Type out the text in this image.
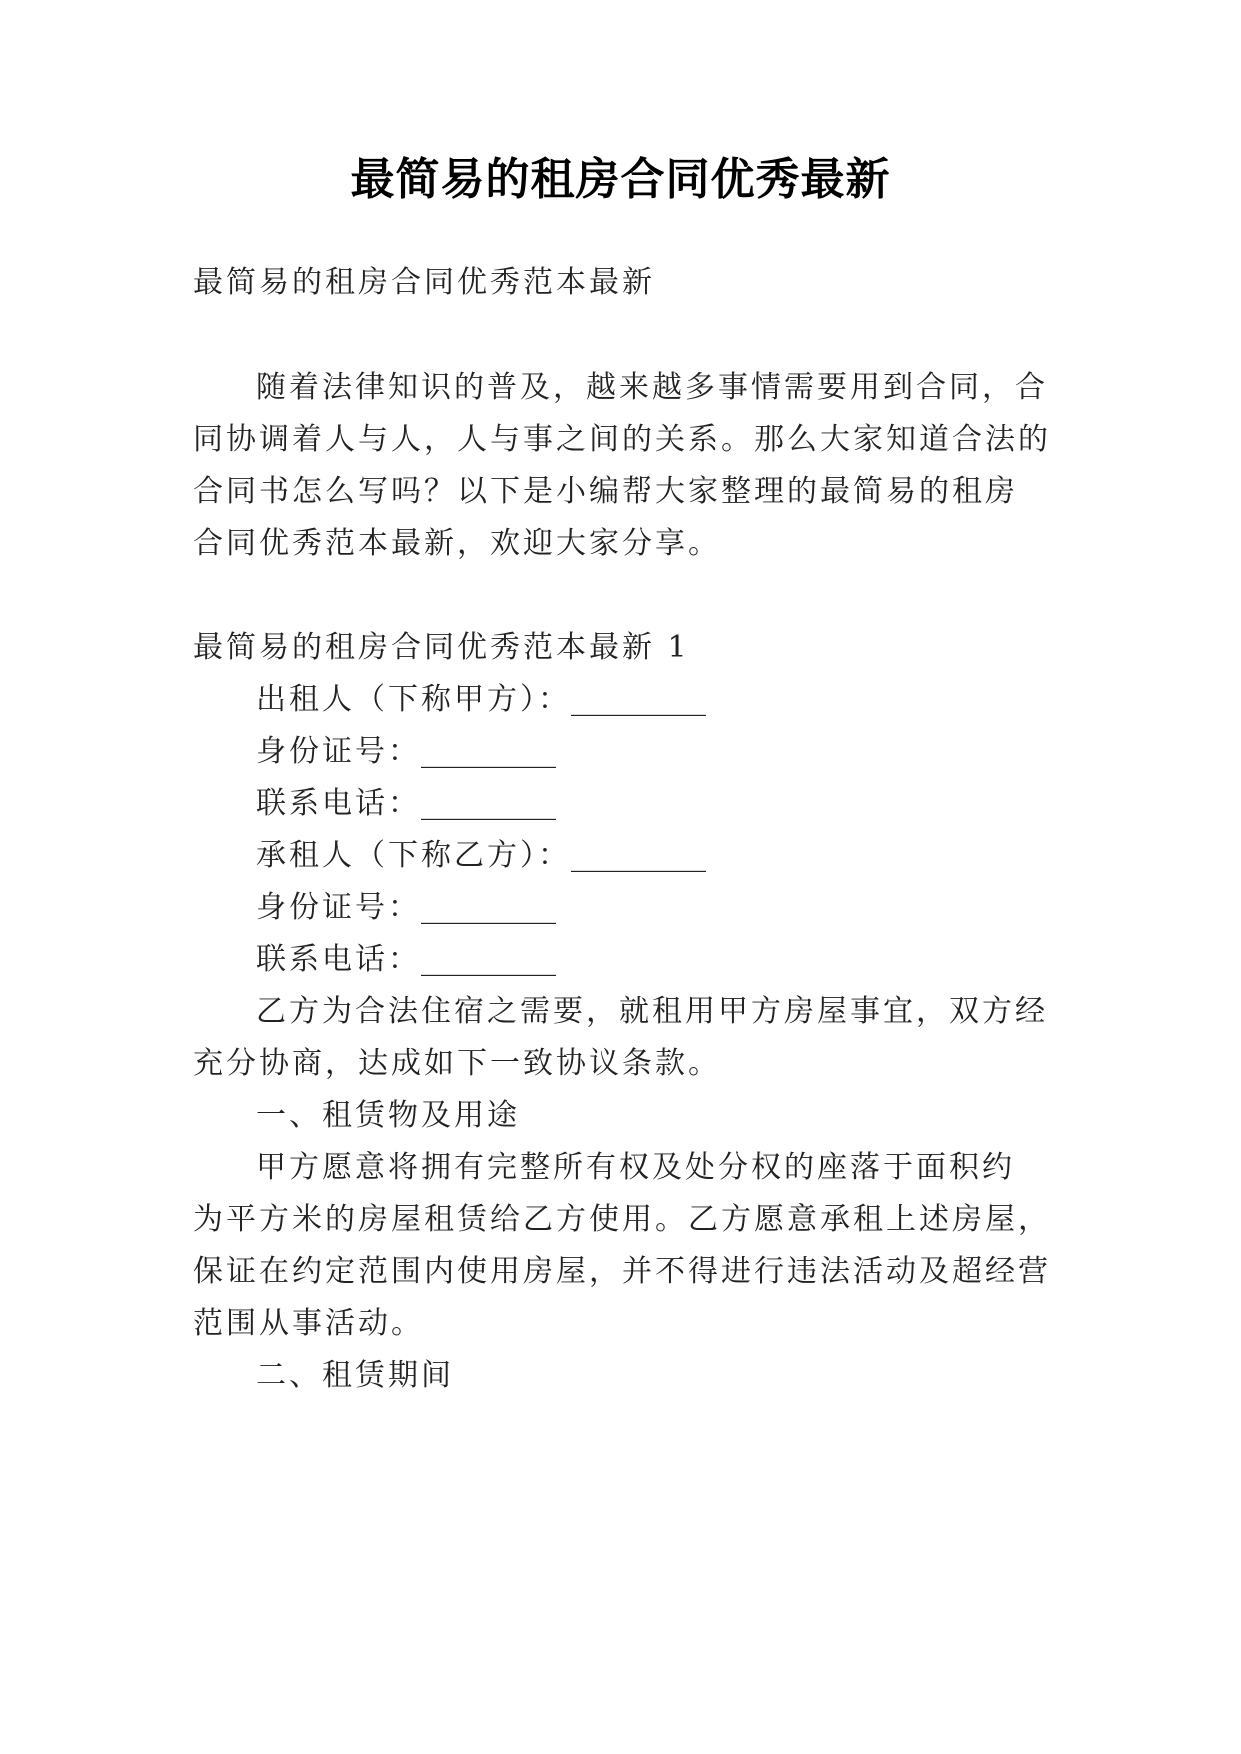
最简易的租房合同优秀最新
最简易的租房合同优秀范本最新
随着法律知识的普及，越来越多事情需要用到合同，合
同协调着人与人，人与事之间的关系。那么大家知道合法的
合同书怎么写吗？以下是小编帮大家整理的最简易的租房
合同优秀范本最新，欢迎大家分享。
最简易的租房合同优秀范本最新 1
出租人（下称甲方）：_________
身份证号：_________
联系电话：_________
承租人（下称乙方）：_________
身份证号：_________
联系电话：_________
乙方为合法住宿之需要，就租用甲方房屋事宜，双方经
充分协商，达成如下一致协议条款。
一、租赁物及用途
甲方愿意将拥有完整所有权及处分权的座落于面积约
为平方米的房屋租赁给乙方使用。乙方愿意承租上述房屋，
保证在约定范围内使用房屋，并不得进行违法活动及超经营
范围从事活动。
二、租赁期间
